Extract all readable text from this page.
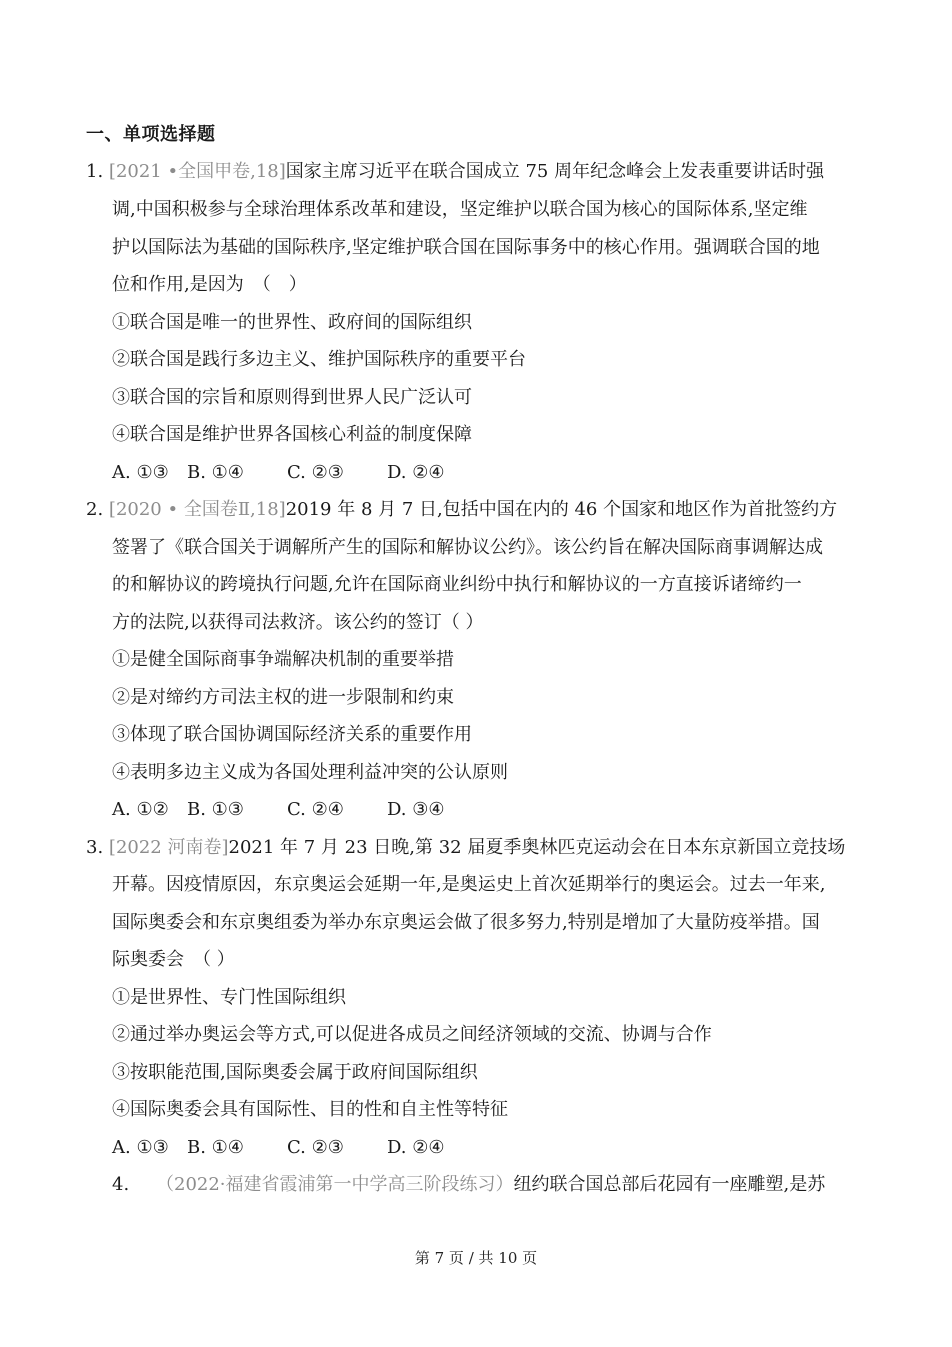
一、单项选择题
1. [2021 •全国甲卷,18]国家主席习近平在联合国成立 75 周年纪念峰会上发表重要讲话时强
调,中国积极参与全球治理体系改革和建设，坚定维护以联合国为核心的国际体系,坚定维
护以国际法为基础的国际秩序,坚定维护联合国在国际事务中的核心作用。强调联合国的地
位和作用,是因为　（　）
①联合国是唯一的世界性、政府间的国际组织
②联合国是践行多边主义、维护国际秩序的重要平台
③联合国的宗旨和原则得到世界人民广泛认可
④联合国是维护世界各国核心利益的制度保障
A. ①③ B. ①④ C. ②③ D. ②④
2. [2020 • 全国卷Ⅱ,18]2019 年 8 月 7 日,包括中国在内的 46 个国家和地区作为首批签约方
签署了《联合国关于调解所产生的国际和解协议公约》。该公约旨在解决国际商事调解达成
的和解协议的跨境执行问题,允许在国际商业纠纷中执行和解协议的一方直接诉诸缔约一
方的法院,以获得司法救济。该公约的签订（ ）
①是健全国际商事争端解决机制的重要举措
②是对缔约方司法主权的进一步限制和约束
③体现了联合国协调国际经济关系的重要作用
④表明多边主义成为各国处理利益冲突的公认原则
A. ①② B. ①③ C. ②④ D. ③④
3. [2022 河南卷]2021 年 7 月 23 日晚,第 32 届夏季奥林匹克运动会在日本东京新国立竞技场
开幕。因疫情原因，东京奥运会延期一年,是奥运史上首次延期举行的奥运会。过去一年来,
国际奥委会和东京奥组委为举办东京奥运会做了很多努力,特别是增加了大量防疫举措。国
际奥委会　（ ）
①是世界性、专门性国际组织
②通过举办奥运会等方式,可以促进各成员之间经济领域的交流、协调与合作
③按职能范围,国际奥委会属于政府间国际组织
④国际奥委会具有国际性、目的性和自主性等特征
A. ①③ B. ①④ C. ②③ D. ②④
4. （2022·福建省霞浦第一中学高三阶段练习）纽约联合国总部后花园有一座雕塑,是苏
第 7 页 / 共 10 页
